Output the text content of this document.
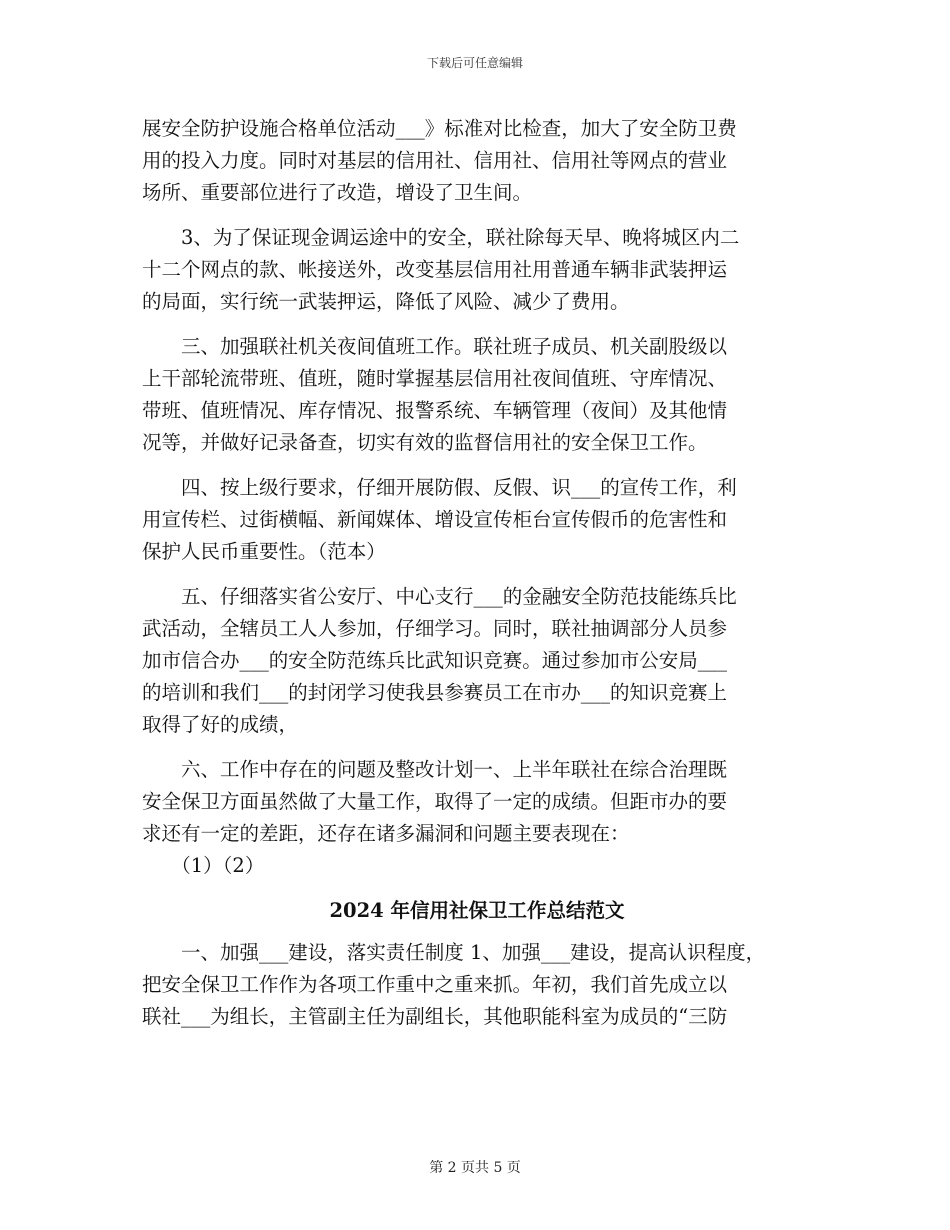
下载后可任意编辑

展安全防护设施合格单位活动___》标准对比检查，加大了安全防卫费
用的投入力度。同时对基层的信用社、信用社、信用社等网点的营业
场所、重要部位进行了改造，增设了卫生间。

　　3、为了保证现金调运途中的安全，联社除每天早、晚将城区内二
十二个网点的款、帐接送外，改变基层信用社用普通车辆非武装押运
的局面，实行统一武装押运，降低了风险、减少了费用。

　　三、加强联社机关夜间值班工作。联社班子成员、机关副股级以
上干部轮流带班、值班，随时掌握基层信用社夜间值班、守库情况、
带班、值班情况、库存情况、报警系统、车辆管理（夜间）及其他情
况等，并做好记录备查，切实有效的监督信用社的安全保卫工作。

　　四、按上级行要求，仔细开展防假、反假、识___的宣传工作，利
用宣传栏、过街横幅、新闻媒体、增设宣传柜台宣传假币的危害性和
保护人民币重要性。（范本）

　　五、仔细落实省公安厅、中心支行___的金融安全防范技能练兵比
武活动，全辖员工人人参加，仔细学习。同时，联社抽调部分人员参
加市信合办___的安全防范练兵比武知识竞赛。通过参加市公安局___
的培训和我们___的封闭学习使我县参赛员工在市办___的知识竞赛上
取得了好的成绩，

　　六、工作中存在的问题及整改计划一、上半年联社在综合治理既
安全保卫方面虽然做了大量工作，取得了一定的成绩。但距市办的要
求还有一定的差距，还存在诸多漏洞和问题主要表现在：
　　（1）（2）

2024 年信用社保卫工作总结范文

　　一、加强___建设，落实责任制度 1、加强___建设，提高认识程度，
把安全保卫工作作为各项工作重中之重来抓。年初，我们首先成立以
联社___为组长，主管副主任为副组长，其他职能科室为成员的“三防

第 2 页共 5 页
